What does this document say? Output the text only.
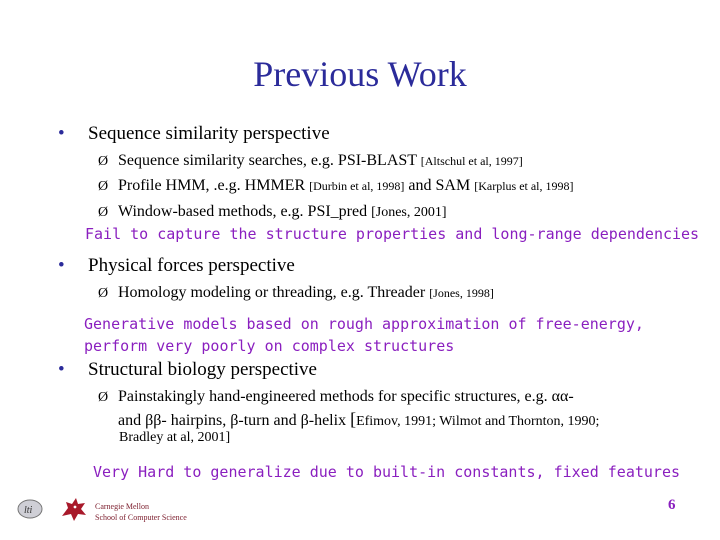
Previous Work
• Sequence similarity perspective
Ø Sequence similarity searches, e.g. PSI-BLAST [Altschul et al, 1997]
Ø Profile HMM, .e.g. HMMER [Durbin et al, 1998] and SAM [Karplus et al, 1998]
Ø Window-based methods, e.g. PSI_pred [Jones, 2001]
Fail to capture the structure properties and long-range dependencies
• Physical forces perspective
Ø Homology modeling or threading, e.g. Threader [Jones, 1998]
Generative models based on rough approximation of free-energy,
perform very poorly on complex structures
• Structural biology perspective
Ø Painstakingly hand-engineered methods for specific structures, e.g. αα-
and ββ- hairpins, β-turn and β-helix [Efimov, 1991; Wilmot and Thornton, 1990;
Bradley at al, 2001]
Very Hard to generalize due to built-in constants, fixed features
lti	Carnegie Mellon
School of Computer Science
6
